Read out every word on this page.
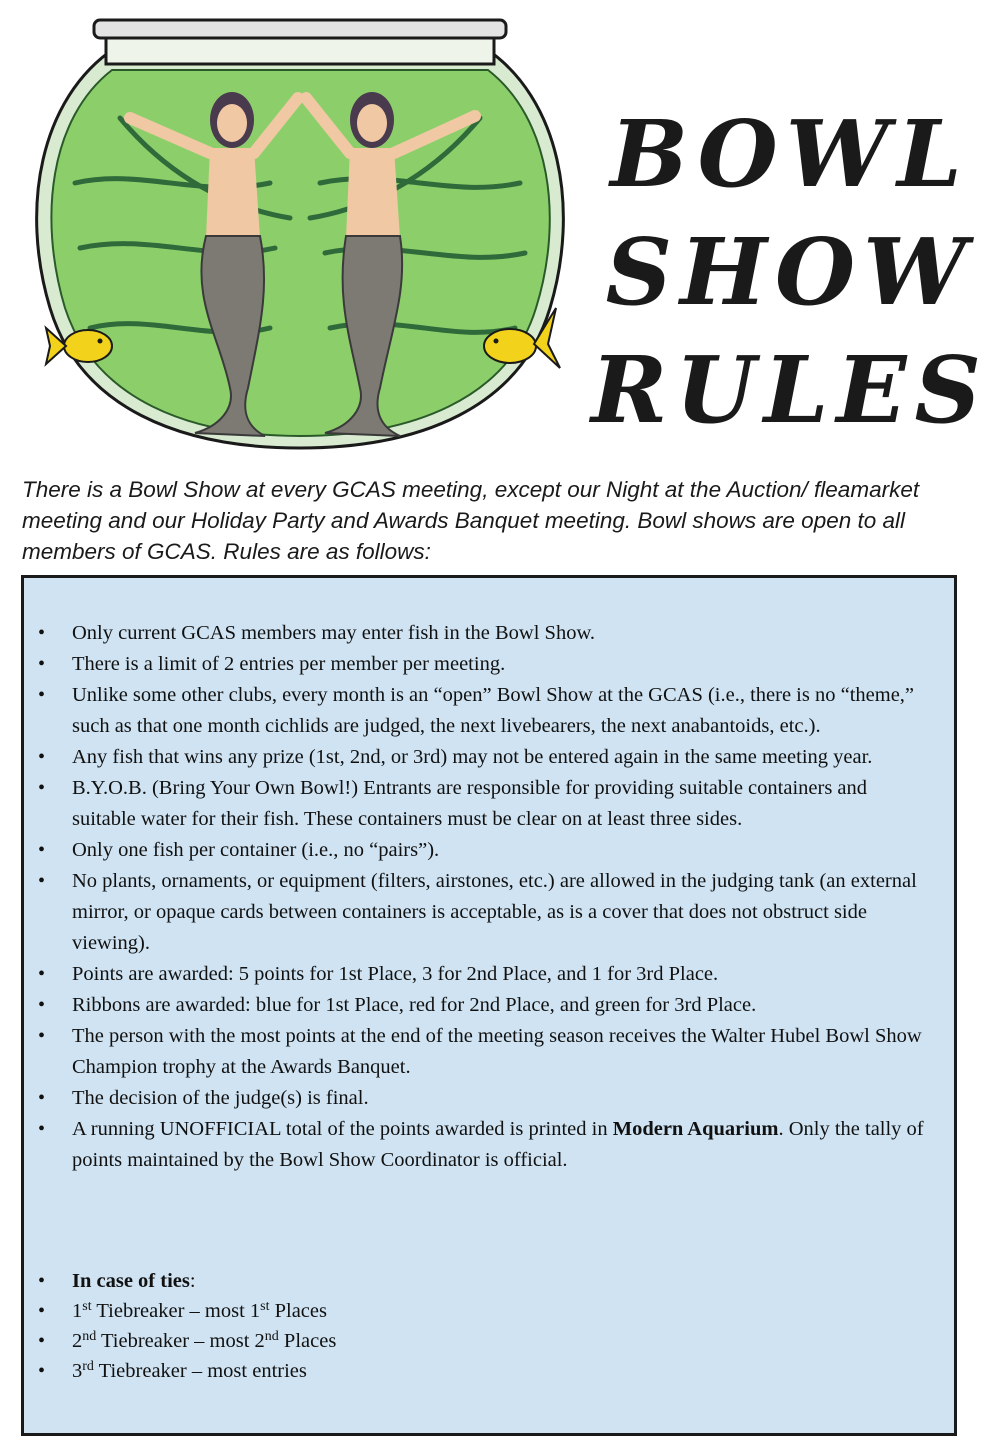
BOWL
SHOW
RULES
There is a Bowl Show at every GCAS meeting, except our Night at the Auction/ fleamarket meeting and our Holiday Party and Awards Banquet meeting. Bowl shows are open to all members of GCAS. Rules are as follows:
• Only current GCAS members may enter fish in the Bowl Show.
• There is a limit of 2 entries per member per meeting.
• Unlike some other clubs, every month is an “open” Bowl Show at the GCAS (i.e., there is no “theme,” such as that one month cichlids are judged, the next livebearers, the next anabantoids, etc.).
• Any fish that wins any prize (1st, 2nd, or 3rd) may not be entered again in the same meeting year.
• B.Y.O.B. (Bring Your Own Bowl!) Entrants are responsible for providing suitable containers and suitable water for their fish. These containers must be clear on at least three sides.
• Only one fish per container (i.e., no “pairs”).
• No plants, ornaments, or equipment (filters, airstones, etc.) are allowed in the judging tank (an external mirror, or opaque cards between containers is acceptable, as is a cover that does not obstruct side viewing).
• Points are awarded: 5 points for 1st Place, 3 for 2nd Place, and 1 for 3rd Place.
• Ribbons are awarded: blue for 1st Place, red for 2nd Place, and green for 3rd Place.
• The person with the most points at the end of the meeting season receives the Walter Hubel Bowl Show Champion trophy at the Awards Banquet.
• The decision of the judge(s) is final.
• A running UNOFFICIAL total of the points awarded is printed in Modern Aquarium. Only the tally of points maintained by the Bowl Show Coordinator is official.
• In case of ties:
• 1st Tiebreaker – most 1st Places
• 2nd Tiebreaker – most 2nd Places
• 3rd Tiebreaker – most entries
